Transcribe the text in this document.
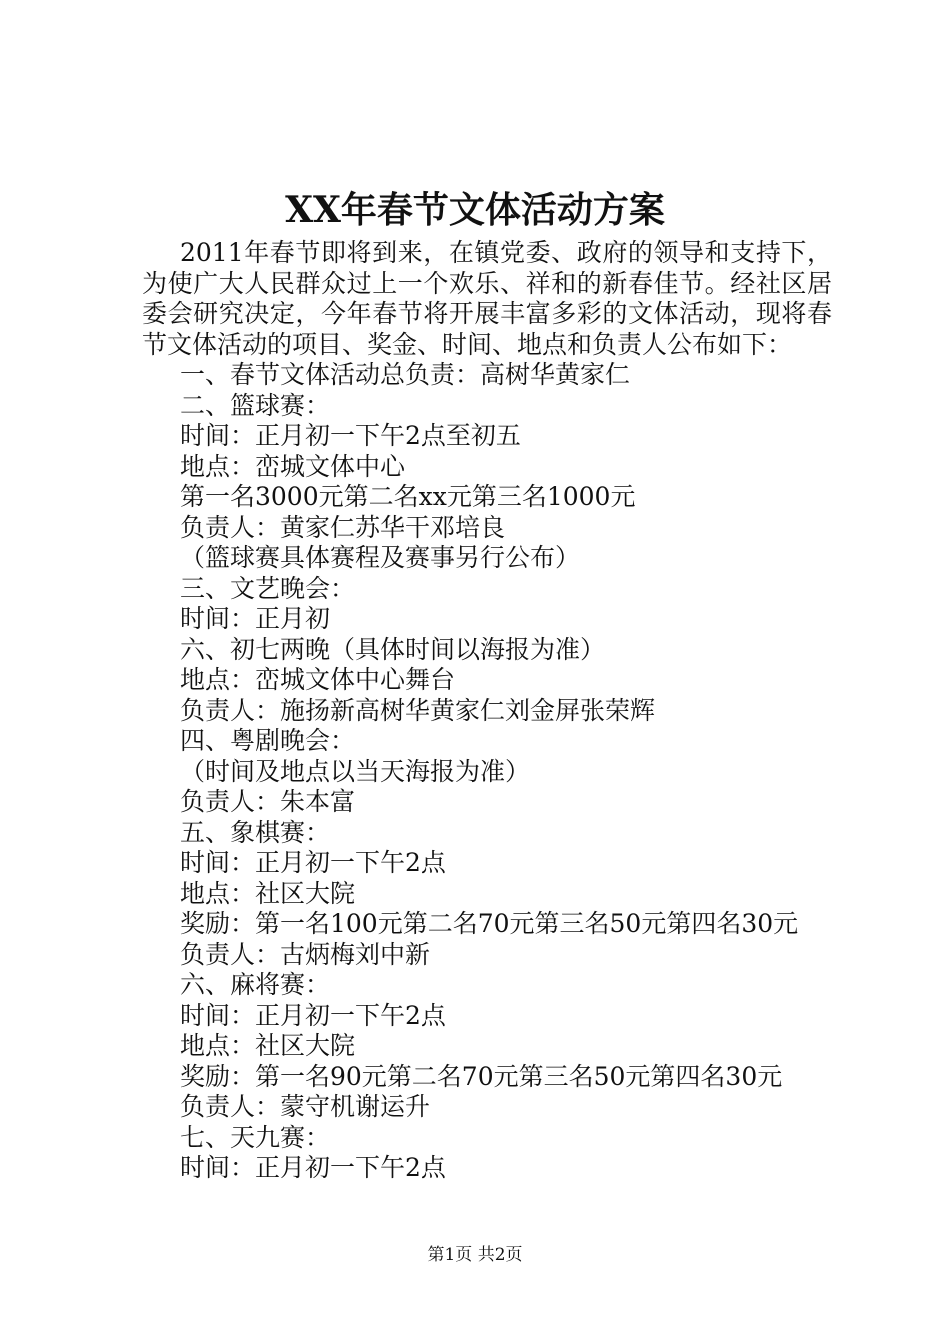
XX年春节文体活动方案

2011年春节即将到来，在镇党委、政府的领导和支持下，为使广大人民群众过上一个欢乐、祥和的新春佳节。经社区居委会研究决定，今年春节将开展丰富多彩的文体活动，现将春节文体活动的项目、奖金、时间、地点和负责人公布如下：

一、春节文体活动总负责：高树华黄家仁
二、篮球赛：
时间：正月初一下午2点至初五
地点：峦城文体中心
第一名3000元第二名xx元第三名1000元
负责人：黄家仁苏华干邓培良
（篮球赛具体赛程及赛事另行公布）
三、文艺晚会：
时间：正月初
六、初七两晚（具体时间以海报为准）
地点：峦城文体中心舞台
负责人：施扬新高树华黄家仁刘金屏张荣辉
四、粤剧晚会：
（时间及地点以当天海报为准）
负责人：朱本富
五、象棋赛：
时间：正月初一下午2点
地点：社区大院
奖励：第一名100元第二名70元第三名50元第四名30元
负责人：古炳梅刘中新
六、麻将赛：
时间：正月初一下午2点
地点：社区大院
奖励：第一名90元第二名70元第三名50元第四名30元
负责人：蒙守机谢运升
七、天九赛：
时间：正月初一下午2点
第1页 共2页
